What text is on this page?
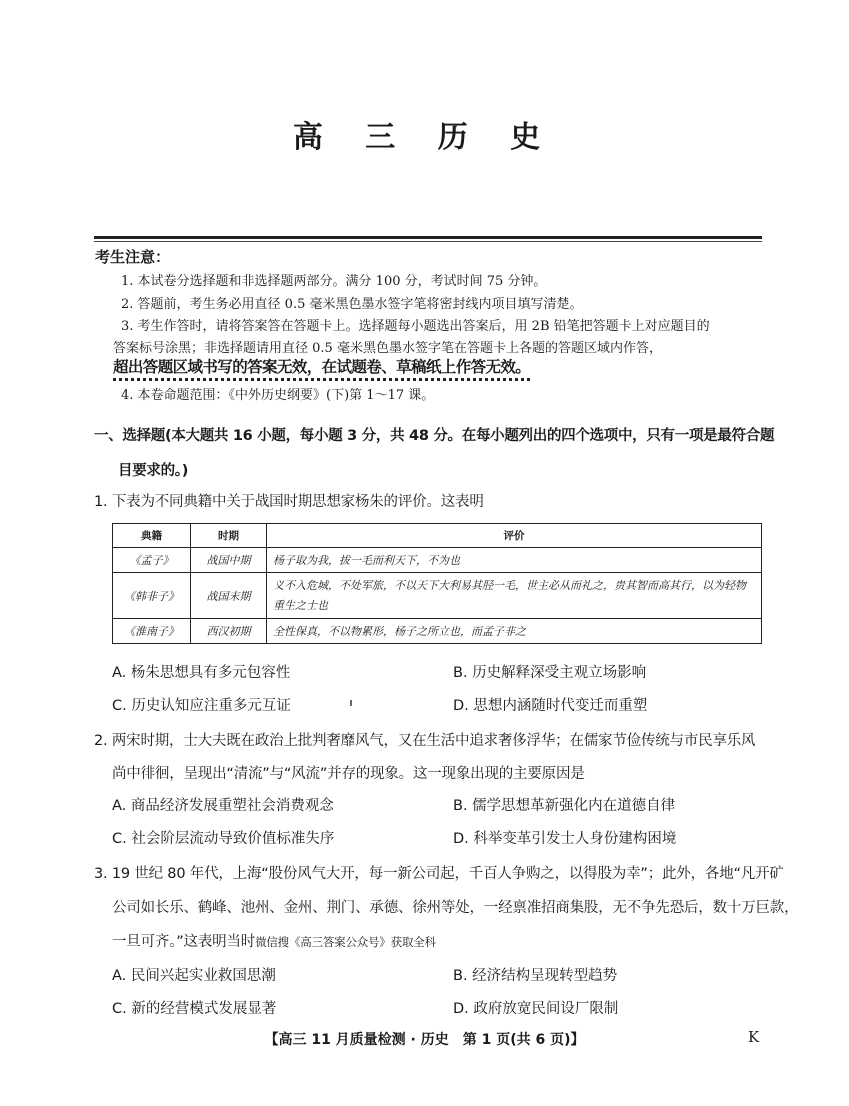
高 三 历 史
考生注意：
1. 本试卷分选择题和非选择题两部分。满分 100 分，考试时间 75 分钟。
2. 答题前，考生务必用直径 0.5 毫米黑色墨水签字笔将密封线内项目填写清楚。
3. 考生作答时，请将答案答在答题卡上。选择题每小题选出答案后，用 2B 铅笔把答题卡上对应题目的
答案标号涂黑；非选择题请用直径 0.5 毫米黑色墨水签字笔在答题卡上各题的答题区域内作答，
超出答题区域书写的答案无效，在试题卷、草稿纸上作答无效。
4. 本卷命题范围：《中外历史纲要》(下)第 1～17 课。
一、选择题(本大题共 16 小题，每小题 3 分，共 48 分。在每小题列出的四个选项中，只有一项是最符合题
目要求的。)
1. 下表为不同典籍中关于战国时期思想家杨朱的评价。这表明
典籍	时期	评价
《孟子》	战国中期	杨子取为我，拔一毛而利天下，不为也
《韩非子》	战国末期	义不入危城，不处军旅，不以天下大利易其胫一毛，世主必从而礼之，贵其智而高其行，以为轻物重生之士也
《淮南子》	西汉初期	全性保真，不以物累形，杨子之所立也，而孟子非之
A. 杨朱思想具有多元包容性	B. 历史解释深受主观立场影响
C. 历史认知应注重多元互证	D. 思想内涵随时代变迁而重塑
2. 两宋时期，士大夫既在政治上批判奢靡风气，又在生活中追求奢侈浮华；在儒家节俭传统与市民享乐风
尚中徘徊，呈现出“清流”与“风流”并存的现象。这一现象出现的主要原因是
A. 商品经济发展重塑社会消费观念	B. 儒学思想革新强化内在道德自律
C. 社会阶层流动导致价值标准失序	D. 科举变革引发士人身份建构困境
3. 19 世纪 80 年代，上海“股份风气大开，每一新公司起，千百人争购之，以得股为幸”；此外，各地“凡开矿
公司如长乐、鹤峰、池州、金州、荆门、承德、徐州等处，一经禀准招商集股，无不争先恐后，数十万巨款，
一旦可齐。”这表明当时微信搜《高三答案公众号》获取全科
A. 民间兴起实业救国思潮	B. 经济结构呈现转型趋势
C. 新的经营模式发展显著	D. 政府放宽民间设厂限制
【高三 11 月质量检测 · 历史　第 1 页(共 6 页)】	K
